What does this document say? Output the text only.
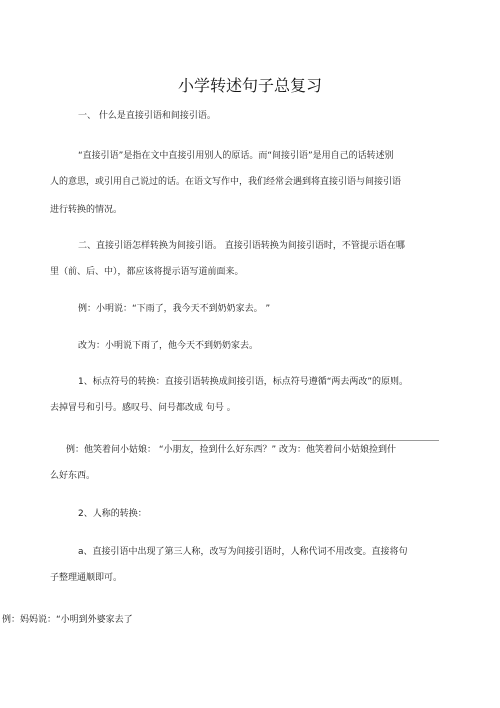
小学转述句子总复习

一、 什么是直接引语和间接引语。

“直接引语”是指在文中直接引用别人的原话。而“间接引语”是用自己的话转述别

人的意思，或引用自己说过的话。在语文写作中，我们经常会遇到将直接引语与间接引语

进行转换的情况。

二、直接引语怎样转换为间接引语。 直接引语转换为间接引语时，不管提示语在哪

里（前、后、中），都应该将提示语写道前面来。

例：小明说：“下雨了，我今天不到奶奶家去。 ”

改为：小明说下雨了，他今天不到奶奶家去。

1、标点符号的转换：直接引语转换成间接引语，标点符号遵循“两去两改”的原则。

去掉冒号和引号。感叹号、问号都改成 句号 。

例：他笑着问小姑娘： “小朋友，捡到什么好东西？” 改为：他笑着问小姑娘捡到什

么好东西。

2、人称的转换：

a、直接引语中出现了第三人称，改写为间接引语时，人称代词不用改变。直接将句

子整理通顺即可。

例：妈妈说：“小明到外婆家去了
